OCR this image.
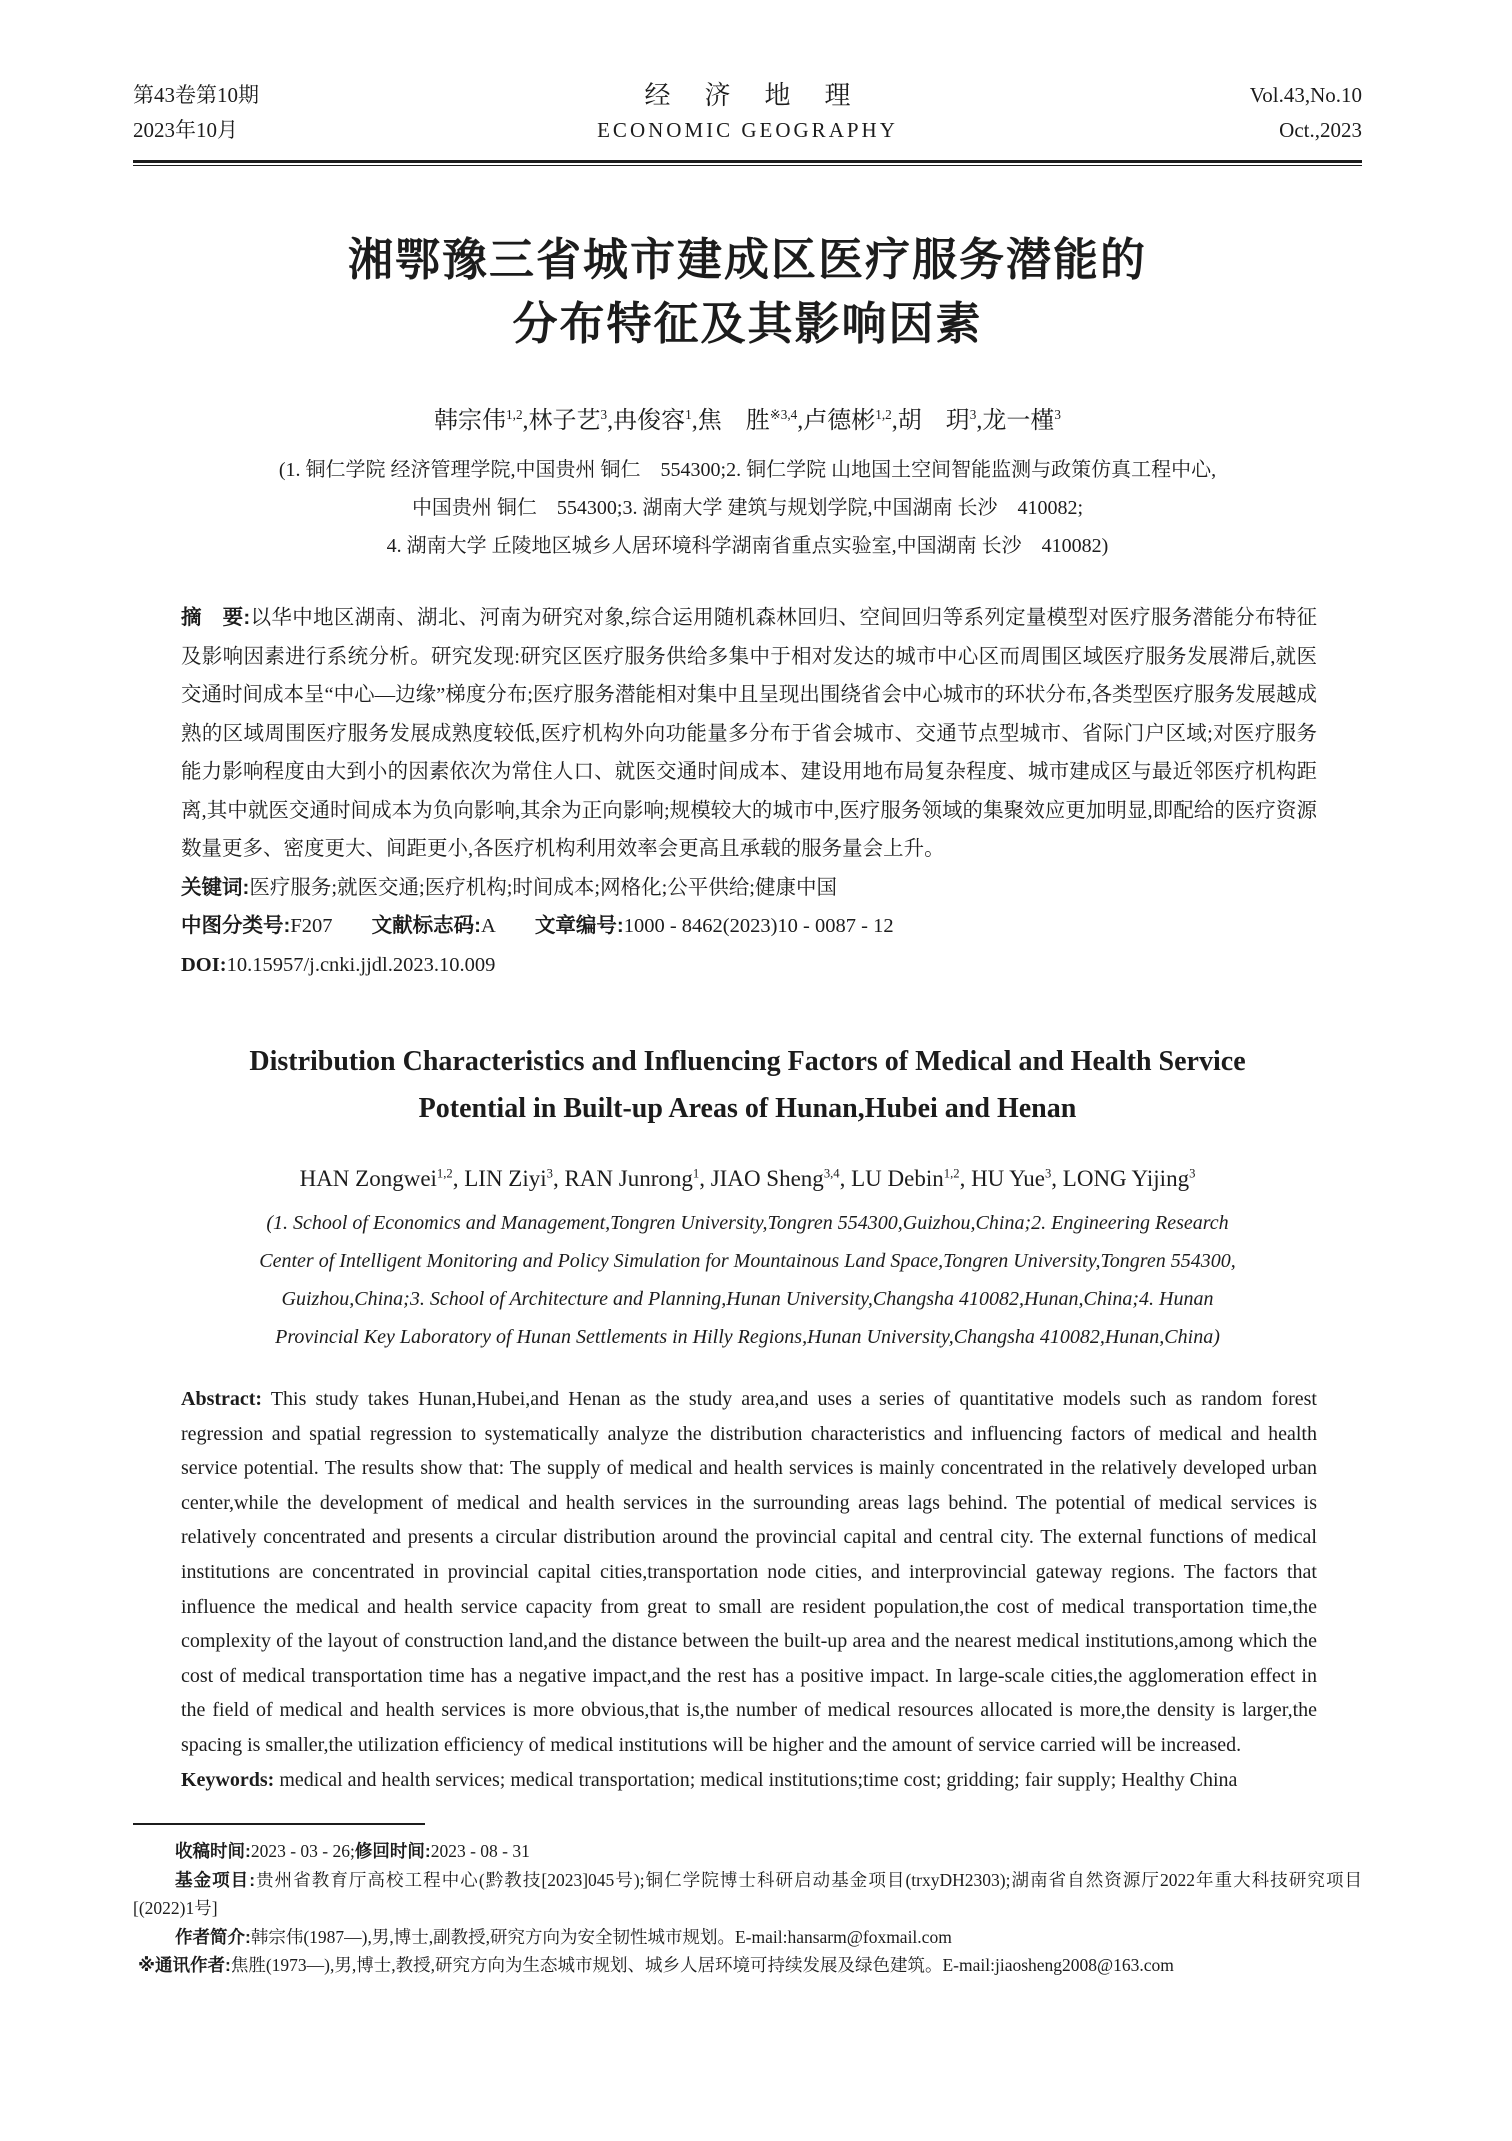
第43卷第10期
2023年10月
经济地理
ECONOMIC GEOGRAPHY
Vol.43,No.10
Oct.,2023
湘鄂豫三省城市建成区医疗服务潜能的
分布特征及其影响因素
韩宗伟$^{1,2}$,林子艺$^3$,冉俊容$^1$,焦　胜$^{※3,4}$,卢德彬$^{1,2}$,胡　玥$^3$,龙一槿$^3$
(1. 铜仁学院 经济管理学院,中国贵州 铜仁　554300;2. 铜仁学院 山地国土空间智能监测与政策仿真工程中心,
中国贵州 铜仁　554300;3. 湖南大学 建筑与规划学院,中国湖南 长沙　410082;
4. 湖南大学 丘陵地区城乡人居环境科学湖南省重点实验室,中国湖南 长沙　410082)

摘　要:以华中地区湖南、湖北、河南为研究对象,综合运用随机森林回归、空间回归等系列定量模型对医疗服务潜能分布特征及影响因素进行系统分析。研究发现:研究区医疗服务供给多集中于相对发达的城市中心区而周围区域医疗服务发展滞后,就医交通时间成本呈“中心—边缘”梯度分布;医疗服务潜能相对集中且呈现出围绕省会中心城市的环状分布,各类型医疗服务发展越成熟的区域周围医疗服务发展成熟度较低,医疗机构外向功能量多分布于省会城市、交通节点型城市、省际门户区域;对医疗服务能力影响程度由大到小的因素依次为常住人口、就医交通时间成本、建设用地布局复杂程度、城市建成区与最近邻医疗机构距离,其中就医交通时间成本为负向影响,其余为正向影响;规模较大的城市中,医疗服务领域的集聚效应更加明显,即配给的医疗资源数量更多、密度更大、间距更小,各医疗机构利用效率会更高且承载的服务量会上升。

关键词:医疗服务;就医交通;医疗机构;时间成本;网格化;公平供给;健康中国

中图分类号:F207 文献标志码:A 文章编号:1000 - 8462(2023)10 - 0087 - 12

DOI:10.15957/j.cnki.jjdl.2023.10.009

Distribution Characteristics and Influencing Factors of Medical and Health Service
Potential in Built-up Areas of Hunan,Hubei and Henan
HAN Zongwei$^{1,2}$, LIN Ziyi$^3$, RAN Junrong$^1$, JIAO Sheng$^{3,4}$, LU Debin$^{1,2}$, HU Yue$^3$, LONG Yijing$^3$
(1. School of Economics and Management,Tongren University,Tongren 554300,Guizhou,China;2. Engineering Research
Center of Intelligent Monitoring and Policy Simulation for Mountainous Land Space,Tongren University,Tongren 554300,
Guizhou,China;3. School of Architecture and Planning,Hunan University,Changsha 410082,Hunan,China;4. Hunan
Provincial Key Laboratory of Hunan Settlements in Hilly Regions,Hunan University,Changsha 410082,Hunan,China)

Abstract: This study takes Hunan,Hubei,and Henan as the study area,and uses a series of quantitative models such as random forest regression and spatial regression to systematically analyze the distribution characteristics and influencing factors of medical and health service potential. The results show that: The supply of medical and health services is mainly concentrated in the relatively developed urban center,while the development of medical and health services in the surrounding areas lags behind. The potential of medical services is relatively concentrated and presents a circular distribution around the provincial capital and central city. The external functions of medical institutions are concentrated in provincial capital cities,transportation node cities, and interprovincial gateway regions. The factors that influence the medical and health service capacity from great to small are resident population,the cost of medical transportation time,the complexity of the layout of construction land,and the distance between the built-up area and the nearest medical institutions,among which the cost of medical transportation time has a negative impact,and the rest has a positive impact. In large-scale cities,the agglomeration effect in the field of medical and health services is more obvious,that is,the number of medical resources allocated is more,the density is larger,the spacing is smaller,the utilization efficiency of medical institutions will be higher and the amount of service carried will be increased.

Keywords: medical and health services; medical transportation; medical institutions;time cost; gridding; fair supply; Healthy China

收稿时间:2023 - 03 - 26;修回时间:2023 - 08 - 31

基金项目:贵州省教育厅高校工程中心(黔教技[2023]045号);铜仁学院博士科研启动基金项目(trxyDH2303);湖南省自然资源厅2022年重大科技研究项目[(2022)1号]

作者简介:韩宗伟(1987—),男,博士,副教授,研究方向为安全韧性城市规划。E-mail:hansarm@foxmail.com

※通讯作者:焦胜(1973—),男,博士,教授,研究方向为生态城市规划、城乡人居环境可持续发展及绿色建筑。E-mail:jiaosheng2008@163.com
